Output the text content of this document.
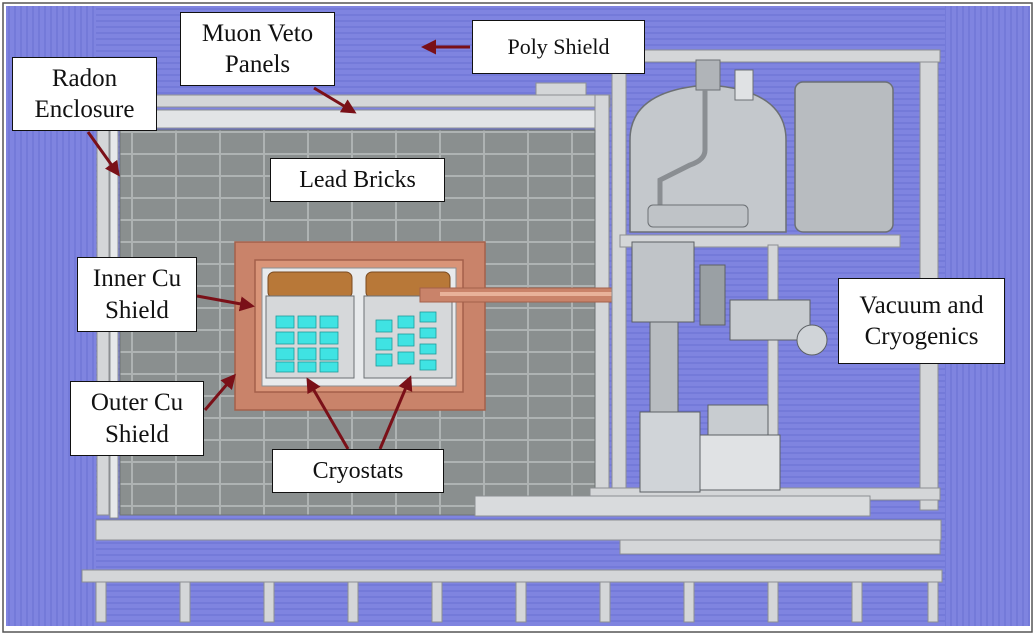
Muon Veto
Panels
Poly Shield
Radon
Enclosure
Lead Bricks
Inner Cu
Shield
Outer Cu
Shield
Cryostats
Vacuum and
Cryogenics
